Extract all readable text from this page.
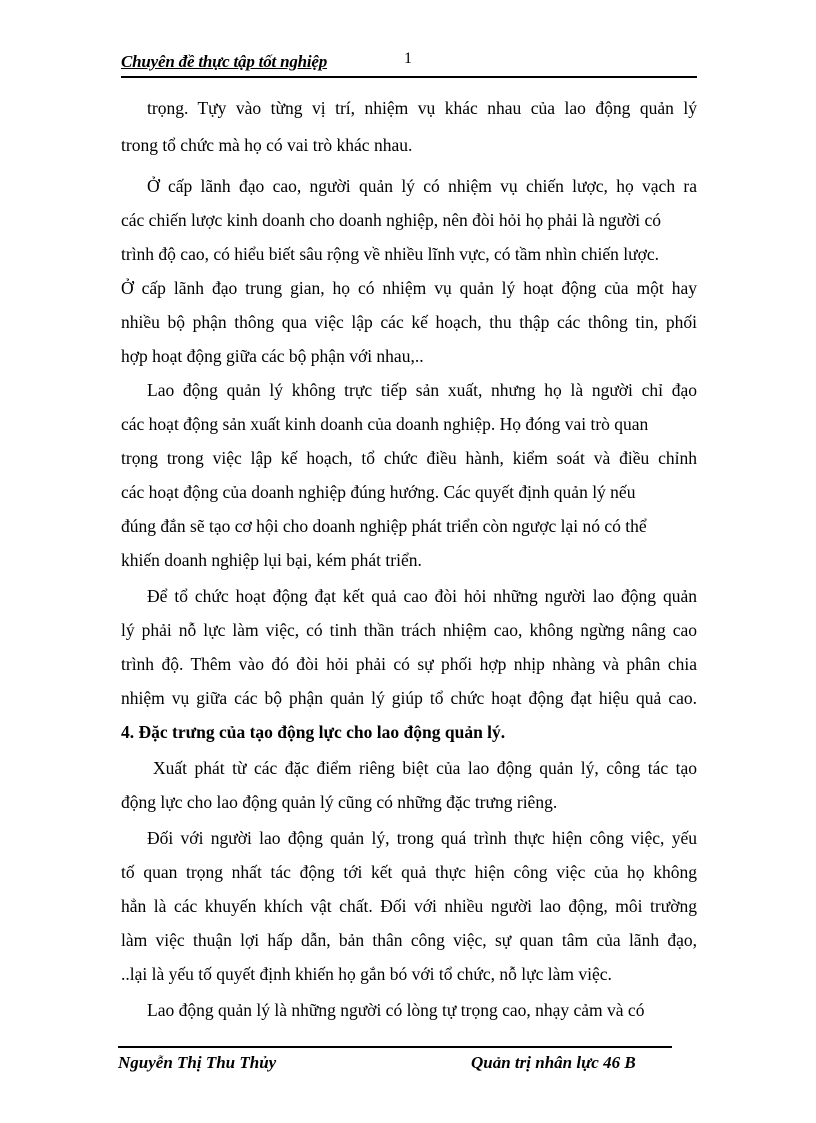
Chuyên đề thực tập tốt nghiệp	1
trọng. Tựy vào từng vị trí, nhiệm vụ khác nhau của lao động quản lý
trong tổ chức mà họ có vai trò khác nhau.
Ở cấp lãnh đạo cao, người quản lý có nhiệm vụ chiến lược, họ vạch ra
các chiến lược kinh doanh cho doanh nghiệp, nên đòi hỏi họ phải là người có
trình độ cao, có hiểu biết sâu rộng về nhiều lĩnh vực, có tầm nhìn chiến lược.
Ở cấp lãnh đạo trung gian, họ có nhiệm vụ quản lý hoạt động của một hay
nhiều bộ phận thông qua việc lập các kế hoạch, thu thập các thông tin, phối
hợp hoạt động giữa các bộ phận với nhau,..
Lao động quản lý không trực tiếp sản xuất, nhưng họ là người chỉ đạo
các hoạt động sản xuất kinh doanh của doanh nghiệp. Họ đóng vai trò quan
trọng trong việc lập kế hoạch, tổ chức điều hành, kiểm soát và điều chỉnh
các hoạt động của doanh nghiệp đúng hướng. Các quyết định quản lý nếu
đúng đắn sẽ tạo cơ hội cho doanh nghiệp phát triển còn ngược lại nó có thể
khiến doanh nghiệp lụi bại, kém phát triển.
Để tổ chức hoạt động đạt kết quả cao đòi hỏi những người lao động quản
lý phải nỗ lực làm việc, có tinh thần trách nhiệm cao, không ngừng nâng cao
trình độ. Thêm vào đó đòi hỏi phải có sự phối hợp nhịp nhàng và phân chia
nhiệm vụ giữa các bộ phận quản lý giúp tổ chức hoạt động đạt hiệu quả cao.
4. Đặc trưng của tạo động lực cho lao động quản lý.
Xuất phát từ các đặc điểm riêng biệt của lao động quản lý, công tác tạo
động lực cho lao động quản lý cũng có những đặc trưng riêng.
Đối với người lao động quản lý, trong quá trình thực hiện công việc, yếu
tố quan trọng nhất tác động tới kết quả thực hiện công việc của họ không
hẳn là các khuyến khích vật chất. Đối với nhiều người lao động, môi trường
làm việc thuận lợi hấp dẫn, bản thân công việc, sự quan tâm của lãnh đạo,
..lại là yếu tố quyết định khiến họ gắn bó với tổ chức, nỗ lực làm việc.
Lao động quản lý là những người có lòng tự trọng cao, nhạy cảm và có
Nguyễn Thị Thu Thủy	Quản trị nhân lực 46 B
